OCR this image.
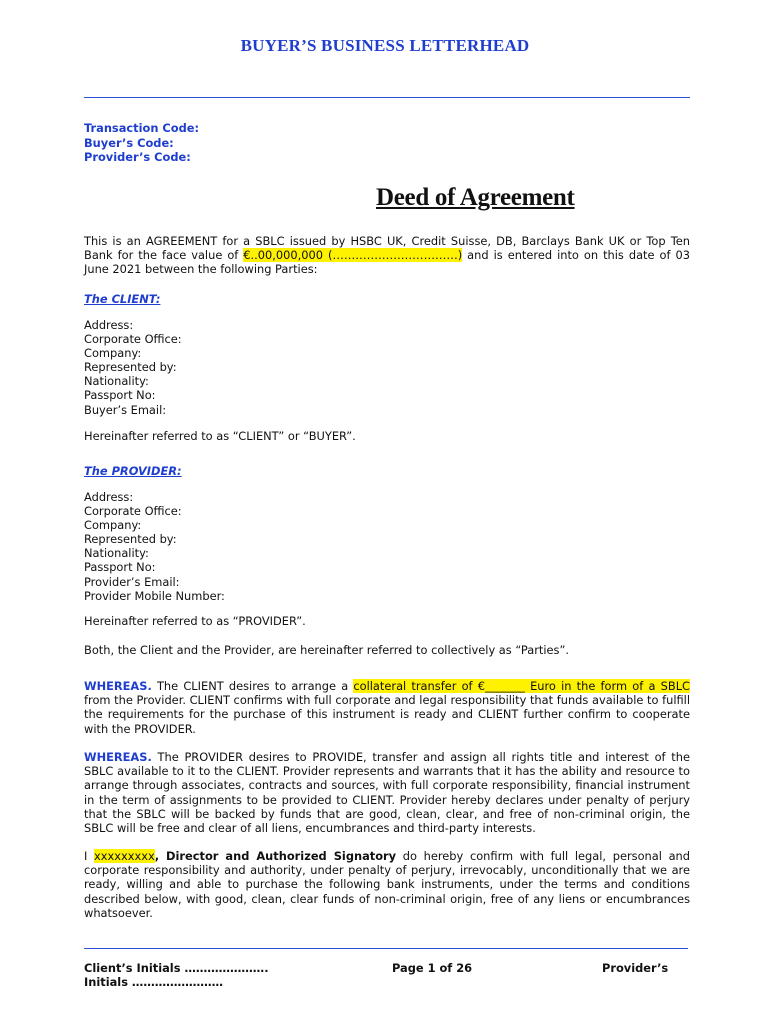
BUYER’S BUSINESS LETTERHEAD
Transaction Code:
Buyer’s Code:
Provider’s Code:
Deed of Agreement
This is an AGREEMENT for a SBLC issued by HSBC UK, Credit Suisse, DB, Barclays Bank UK or Top Ten Bank for the face value of €..00,000,000 (……………………………) and is entered into on this date of 03 June 2021 between the following Parties:
The CLIENT:
Address:
Corporate Office:
Company:
Represented by:
Nationality:
Passport No:
Buyer’s Email:
Hereinafter referred to as “CLIENT” or “BUYER”.
The PROVIDER:
Address:
Corporate Office:
Company:
Represented by:
Nationality:
Passport No:
Provider’s Email:
Provider Mobile Number:
Hereinafter referred to as “PROVIDER”.
Both, the Client and the Provider, are hereinafter referred to collectively as “Parties”.
WHEREAS. The CLIENT desires to arrange a collateral transfer of €_______ Euro in the form of a SBLC from the Provider. CLIENT confirms with full corporate and legal responsibility that funds available to fulfill the requirements for the purchase of this instrument is ready and CLIENT further confirm to cooperate with the PROVIDER.
WHEREAS. The PROVIDER desires to PROVIDE, transfer and assign all rights title and interest of the SBLC available to it to the CLIENT. Provider represents and warrants that it has the ability and resource to arrange through associates, contracts and sources, with full corporate responsibility, financial instrument in the term of assignments to be provided to CLIENT. Provider hereby declares under penalty of perjury that the SBLC will be backed by funds that are good, clean, clear, and free of non-criminal origin, the SBLC will be free and clear of all liens, encumbrances and third-party interests.
I xxxxxxxxx, Director and Authorized Signatory do hereby confirm with full legal, personal and corporate responsibility and authority, under penalty of perjury, irrevocably, unconditionally that we are ready, willing and able to purchase the following bank instruments, under the terms and conditions described below, with good, clean, clear funds of non-criminal origin, free of any liens or encumbrances whatsoever.
Client’s Initials ………………….	Page 1 of 26	Provider’s
Initials ……………………
